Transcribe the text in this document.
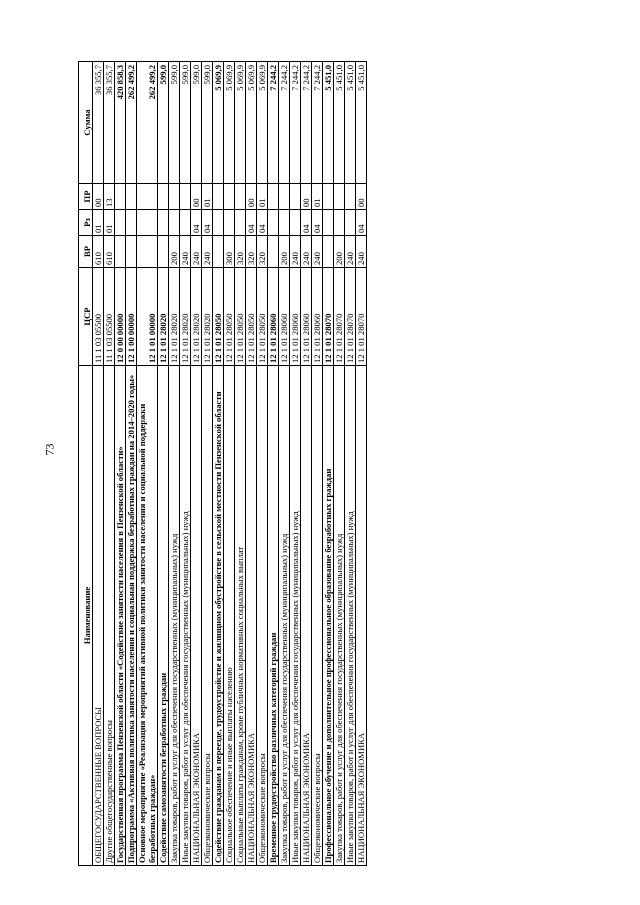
73
Наименование	ЦСР	ВР	Рз	ПР	Сумма
ОБЩЕГОСУДАРСТВЕННЫЕ ВОПРОСЫ	11 1 03 05500	610	01	00	36 355,7
Другие общегосударственные вопросы	11 1 03 05500	610	01	13	36 355,7
Государственная программа Пензенской области «Содействие занятости населения в Пензенской области»	12 0 00 00000				420 858,3
Подпрограмма «Активная политика занятости населения и социальная поддержка безработных граждан на 2014–2020 годы»	12 1 00 00000				262 499,2
Основное мероприятие «Реализация мероприятий активной политики занятости населения и социальной поддержки безработных граждан»	12 1 01 00000				262 499,2
Содействие самозанятости безработных граждан	12 1 01 28020				599,0
Закупка товаров, работ и услуг для обеспечения государственных (муниципальных) нужд	12 1 01 28020	200			599,0
Иные закупки товаров, работ и услуг для обеспечения государственных (муниципальных) нужд	12 1 01 28020	240			599,0
НАЦИОНАЛЬНАЯ ЭКОНОМИКА	12 1 01 28020	240	04	00	599,0
Общеэкономические вопросы	12 1 01 28020	240	04	01	599,0
Содействие гражданам в переезде, трудоустройстве и жилищном обустройстве в сельской местности Пензенской области	12 1 01 28050				5 069,9
Социальное обеспечение и иные выплаты населению	12 1 01 28050	300			5 069,9
Социальные выплаты гражданам, кроме публичных нормативных социальных выплат	12 1 01 28050	320			5 069,9
НАЦИОНАЛЬНАЯ ЭКОНОМИКА	12 1 01 28050	320	04	00	5 069,9
Общеэкономические вопросы	12 1 01 28050	320	04	01	5 069,9
Временное трудоустройство различных категорий граждан	12 1 01 28060				7 244,2
Закупка товаров, работ и услуг для обеспечения государственных (муниципальных) нужд	12 1 01 28060	200			7 244,2
Иные закупки товаров, работ и услуг для обеспечения государственных (муниципальных) нужд	12 1 01 28060	240			7 244,2
НАЦИОНАЛЬНАЯ ЭКОНОМИКА	12 1 01 28060	240	04	00	7 244,2
Общеэкономические вопросы	12 1 01 28060	240	04	01	7 244,2
Профессиональное обучение и дополнительное профессиональное образование безработных граждан	12 1 01 28070				5 451,0
Закупка товаров, работ и услуг для обеспечения государственных (муниципальных) нужд	12 1 01 28070	200			5 451,0
Иные закупки товаров, работ и услуг для обеспечения государственных (муниципальных) нужд	12 1 01 28070	240			5 451,0
НАЦИОНАЛЬНАЯ ЭКОНОМИКА	12 1 01 28070	240	04	00	5 451,0
